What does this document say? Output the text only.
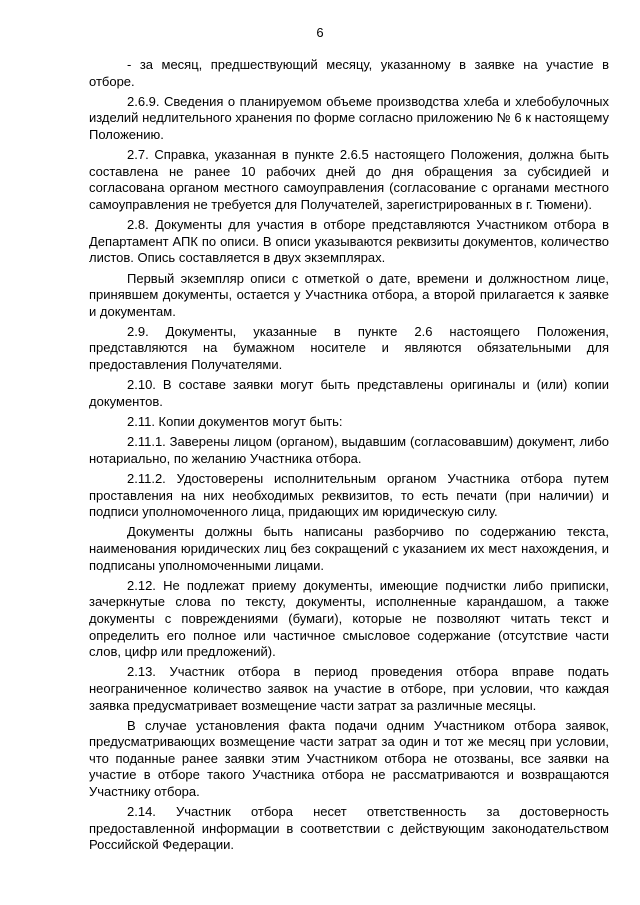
6

- за месяц, предшествующий месяцу, указанному в заявке на участие в отборе.

2.6.9. Сведения о планируемом объеме производства хлеба и хлебобулочных изделий недлительного хранения по форме согласно приложению № 6 к настоящему Положению.

2.7. Справка, указанная в пункте 2.6.5 настоящего Положения, должна быть составлена не ранее 10 рабочих дней до дня обращения за субсидией и согласована органом местного самоуправления (согласование с органами местного самоуправления не требуется для Получателей, зарегистрированных в г. Тюмени).

2.8. Документы для участия в отборе представляются Участником отбора в Департамент АПК по описи. В описи указываются реквизиты документов, количество листов. Опись составляется в двух экземплярах.

Первый экземпляр описи с отметкой о дате, времени и должностном лице, принявшем документы, остается у Участника отбора, а второй прилагается к заявке и документам.

2.9. Документы, указанные в пункте 2.6 настоящего Положения, представляются на бумажном носителе и являются обязательными для предоставления Получателями.

2.10. В составе заявки могут быть представлены оригиналы и (или) копии документов.

2.11. Копии документов могут быть:

2.11.1. Заверены лицом (органом), выдавшим (согласовавшим) документ, либо нотариально, по желанию Участника отбора.

2.11.2. Удостоверены исполнительным органом Участника отбора путем проставления на них необходимых реквизитов, то есть печати (при наличии) и подписи уполномоченного лица, придающих им юридическую силу.

Документы должны быть написаны разборчиво по содержанию текста, наименования юридических лиц без сокращений с указанием их мест нахождения, и подписаны уполномоченными лицами.

2.12. Не подлежат приему документы, имеющие подчистки либо приписки, зачеркнутые слова по тексту, документы, исполненные карандашом, а также документы с повреждениями (бумаги), которые не позволяют читать текст и определить его полное или частичное смысловое содержание (отсутствие части слов, цифр или предложений).

2.13. Участник отбора в период проведения отбора вправе подать неограниченное количество заявок на участие в отборе, при условии, что каждая заявка предусматривает возмещение части затрат за различные месяцы.

В случае установления факта подачи одним Участником отбора заявок, предусматривающих возмещение части затрат за один и тот же месяц при условии, что поданные ранее заявки этим Участником отбора не отозваны, все заявки на участие в отборе такого Участника отбора не рассматриваются и возвращаются Участнику отбора.

2.14. Участник отбора несет ответственность за достоверность предоставленной информации в соответствии с действующим законодательством Российской Федерации.
